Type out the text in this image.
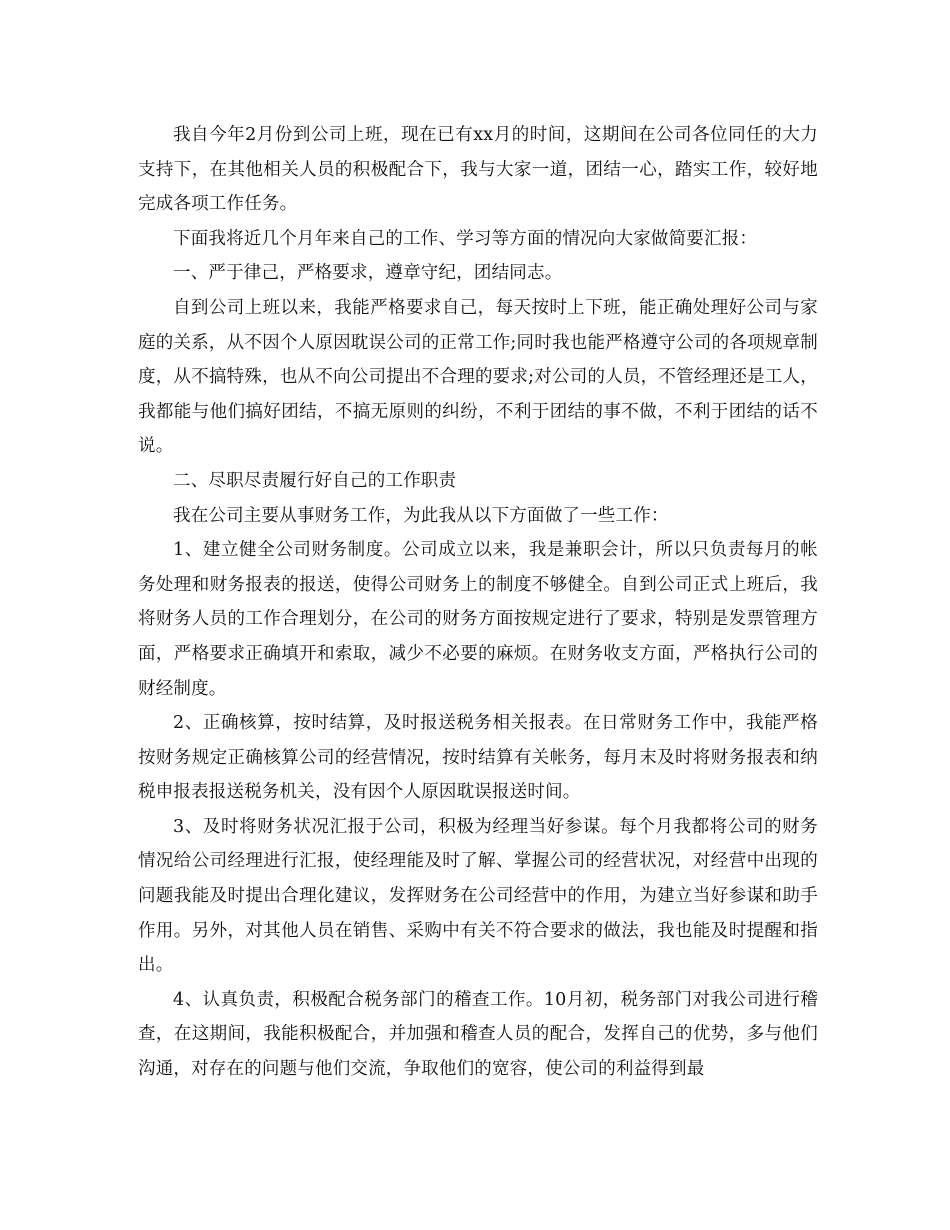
我自今年2月份到公司上班，现在已有xx月的时间，这期间在公司各位同任的大力支持下，在其他相关人员的积极配合下，我与大家一道，团结一心，踏实工作，较好地完成各项工作任务。

下面我将近几个月年来自己的工作、学习等方面的情况向大家做简要汇报：

一、严于律己，严格要求，遵章守纪，团结同志。

自到公司上班以来，我能严格要求自己，每天按时上下班，能正确处理好公司与家庭的关系，从不因个人原因耽误公司的正常工作;同时我也能严格遵守公司的各项规章制度，从不搞特殊，也从不向公司提出不合理的要求;对公司的人员，不管经理还是工人，我都能与他们搞好团结，不搞无原则的纠纷，不利于团结的事不做，不利于团结的话不说。

二、尽职尽责履行好自己的工作职责

我在公司主要从事财务工作，为此我从以下方面做了一些工作：

1、建立健全公司财务制度。公司成立以来，我是兼职会计，所以只负责每月的帐务处理和财务报表的报送，使得公司财务上的制度不够健全。自到公司正式上班后，我将财务人员的工作合理划分，在公司的财务方面按规定进行了要求，特别是发票管理方面，严格要求正确填开和索取，减少不必要的麻烦。在财务收支方面，严格执行公司的财经制度。

2、正确核算，按时结算，及时报送税务相关报表。在日常财务工作中，我能严格按财务规定正确核算公司的经营情况，按时结算有关帐务，每月末及时将财务报表和纳税申报表报送税务机关，没有因个人原因耽误报送时间。

3、及时将财务状况汇报于公司，积极为经理当好参谋。每个月我都将公司的财务情况给公司经理进行汇报，使经理能及时了解、掌握公司的经营状况，对经营中出现的问题我能及时提出合理化建议，发挥财务在公司经营中的作用，为建立当好参谋和助手作用。另外，对其他人员在销售、采购中有关不符合要求的做法，我也能及时提醒和指出。

4、认真负责，积极配合税务部门的稽查工作。10月初，税务部门对我公司进行稽查，在这期间，我能积极配合，并加强和稽查人员的配合，发挥自己的优势，多与他们沟通，对存在的问题与他们交流，争取他们的宽容，使公司的利益得到最
